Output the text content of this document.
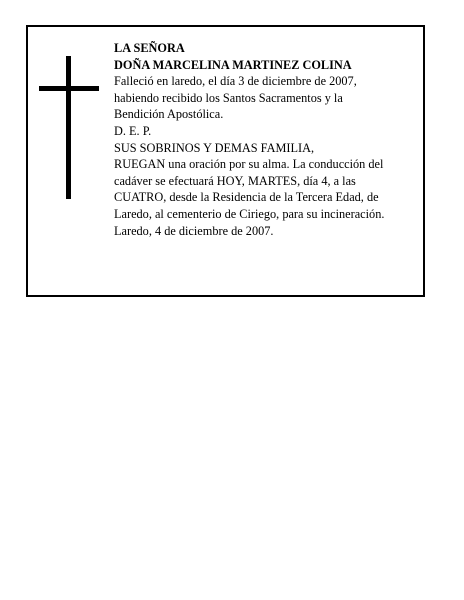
LA SEÑORA
DOÑA MARCELINA MARTINEZ COLINA
Falleció en laredo, el día 3 de diciembre de 2007,
habiendo recibido los Santos Sacramentos y la
Bendición Apostólica.
D. E. P.
SUS SOBRINOS Y DEMAS FAMILIA,
RUEGAN una oración por su alma. La conducción del
cadáver se efectuará HOY, MARTES, día 4, a las
CUATRO, desde la Residencia de la Tercera Edad, de
Laredo, al cementerio de Ciriego, para su incineración.
Laredo, 4 de diciembre de 2007.
